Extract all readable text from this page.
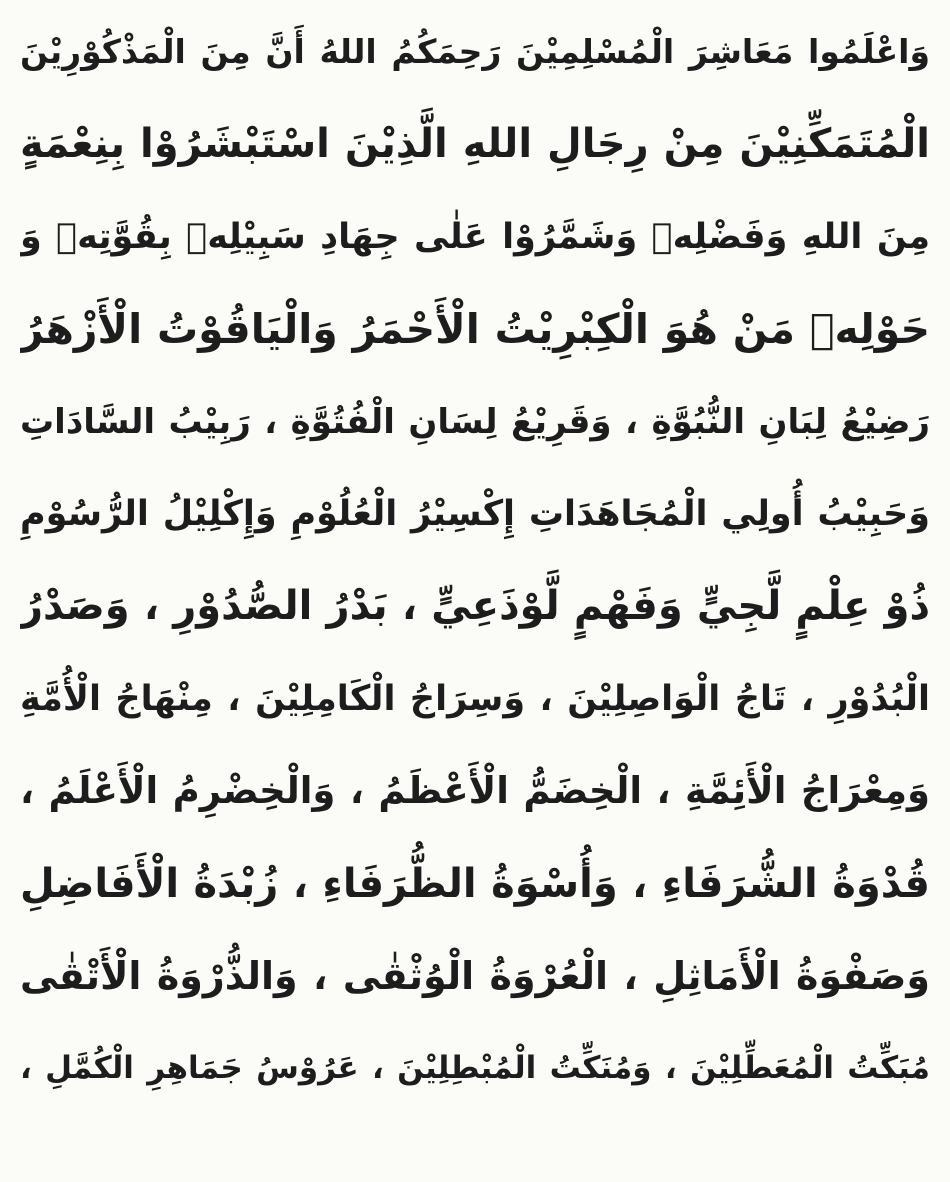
وَاعْلَمُوا مَعَاشِرَ الْمُسْلِمِيْنَ رَحِمَكُمُ اللهُ أَنَّ مِنَ الْمَذْكُوْرِيْنَ
الْمُتَمَكِّنِيْنَ مِنْ رِجَالِ اللهِ الَّذِيْنَ اسْتَبْشَرُوْا بِنِعْمَةٍ
مِنَ اللهِ وَفَضْلِهٖ وَشَمَّرُوْا عَلٰى جِهَادِ سَبِيْلِهٖ بِقُوَّتِهٖ وَ
حَوْلِهٖ مَنْ هُوَ الْكِبْرِيْتُ الْأَحْمَرُ وَالْيَاقُوْتُ الْأَزْهَرُ
رَضِيْعُ لِبَانِ النُّبُوَّةِ ، وَقَرِيْعُ لِسَانِ الْفُتُوَّةِ ، رَبِيْبُ السَّادَاتِ
وَحَبِيْبُ أُولِي الْمُجَاهَدَاتِ إِكْسِيْرُ الْعُلُوْمِ وَإِكْلِيْلُ الرُّسُوْمِ
ذُوْ عِلْمٍ لَّجِيٍّ وَفَهْمٍ لَّوْذَعِيٍّ ، بَدْرُ الصُّدُوْرِ ، وَصَدْرُ
الْبُدُوْرِ ، تَاجُ الْوَاصِلِيْنَ ، وَسِرَاجُ الْكَامِلِيْنَ ، مِنْهَاجُ الْأُمَّةِ
وَمِعْرَاجُ الْأَئِمَّةِ ، الْخِضَمُّ الْأَعْظَمُ ، وَالْخِضْرِمُ الْأَعْلَمُ ،
قُدْوَةُ الشُّرَفَاءِ ، وَأُسْوَةُ الظُّرَفَاءِ ، زُبْدَةُ الْأَفَاضِلِ
وَصَفْوَةُ الْأَمَاثِلِ ، الْعُرْوَةُ الْوُثْقٰى ، وَالذُّرْوَةُ الْأَتْقٰى
مُبَكِّتُ الْمُعَطِّلِيْنَ ، وَمُنَكِّتُ الْمُبْطِلِيْنَ ، عَرُوْسُ جَمَاهِرِ الْكُمَّلِ ،
